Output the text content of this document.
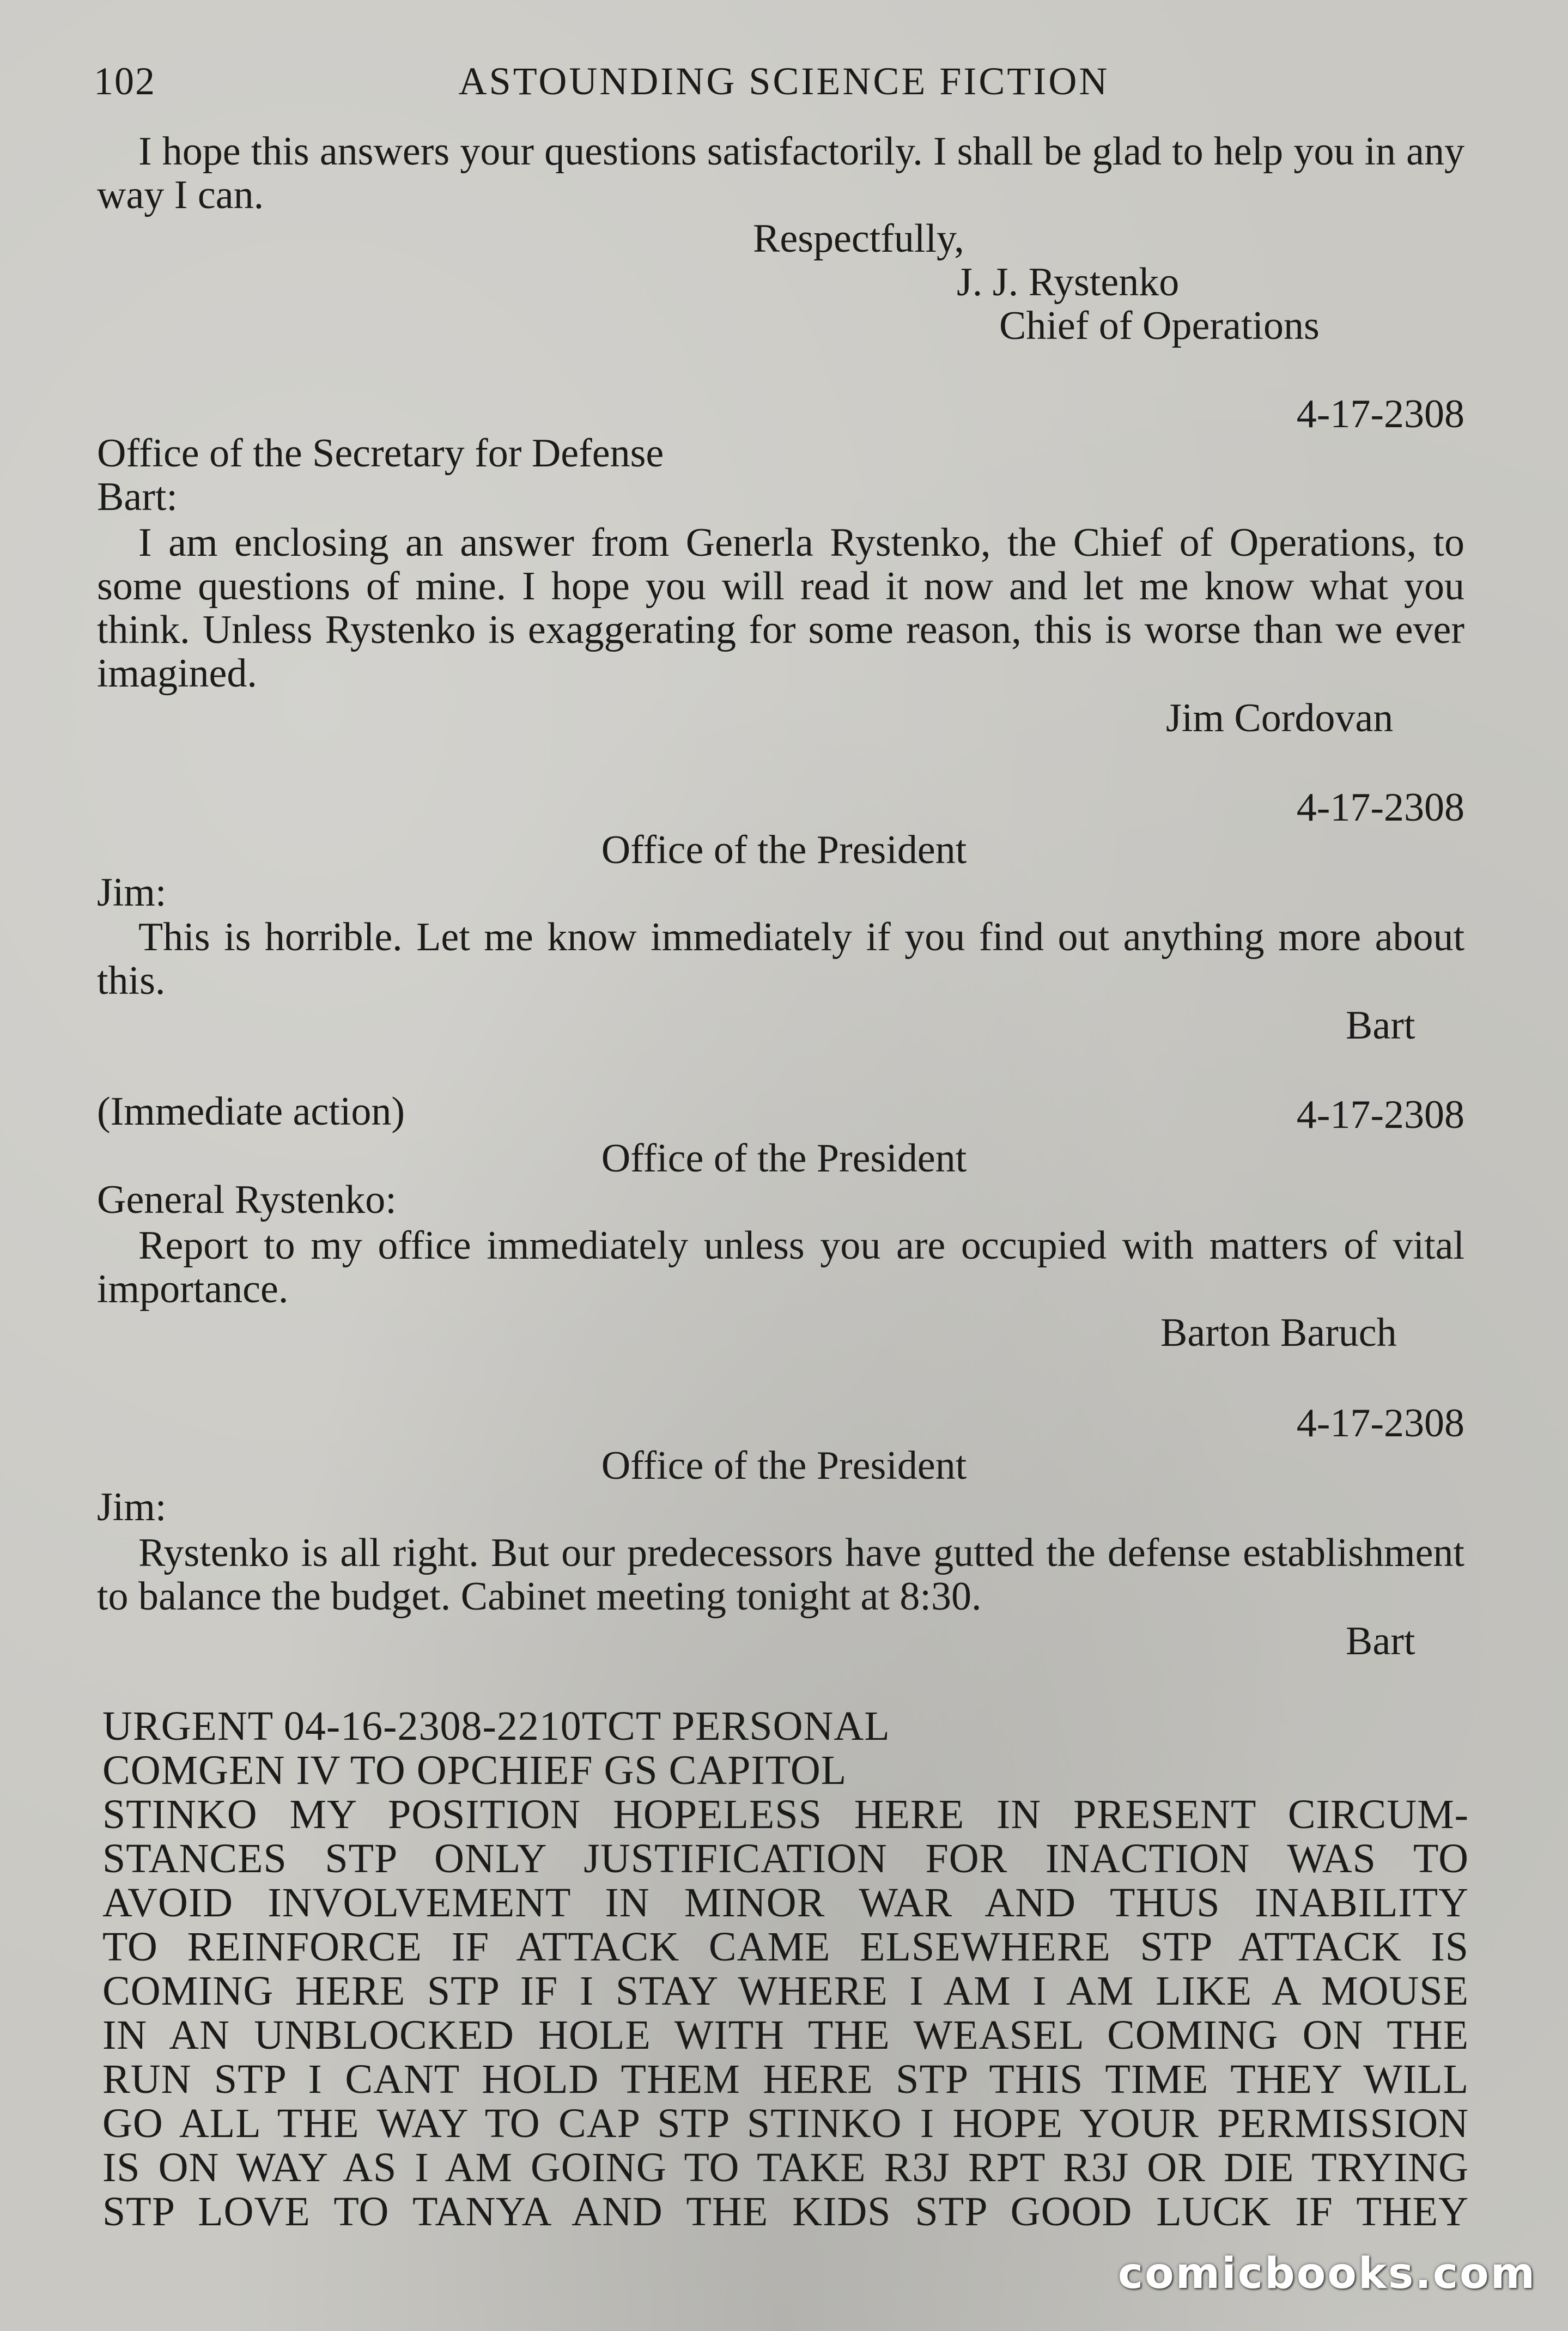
102	ASTOUNDING SCIENCE FICTION
I hope this answers your questions satisfactorily. I shall be glad to help you in any way I can.
Respectfully,
J. J. Rystenko
Chief of Operations
4-17-2308
Office of the Secretary for Defense
Bart:
I am enclosing an answer from Generla Rystenko, the Chief of Operations, to some questions of mine. I hope you will read it now and let me know what you think. Unless Rystenko is exaggerating for some reason, this is worse than we ever imagined.
Jim Cordovan
4-17-2308
Office of the President
Jim:
This is horrible. Let me know immediately if you find out anything more about this.
Bart
(Immediate action)	4-17-2308
Office of the President
General Rystenko:
Report to my office immediately unless you are occupied with matters of vital importance.
Barton Baruch
4-17-2308
Office of the President
Jim:
Rystenko is all right. But our predecessors have gutted the defense establishment to balance the budget. Cabinet meeting tonight at 8:30.
Bart
URGENT 04-16-2308-2210TCT PERSONAL
COMGEN IV TO OPCHIEF GS CAPITOL
STINKO MY POSITION HOPELESS HERE IN PRESENT CIRCUM-
STANCES STP ONLY JUSTIFICATION FOR INACTION WAS TO
AVOID INVOLVEMENT IN MINOR WAR AND THUS INABILITY
TO REINFORCE IF ATTACK CAME ELSEWHERE STP ATTACK IS
COMING HERE STP IF I STAY WHERE I AM I AM LIKE A MOUSE
IN AN UNBLOCKED HOLE WITH THE WEASEL COMING ON THE
RUN STP I CANT HOLD THEM HERE STP THIS TIME THEY WILL
GO ALL THE WAY TO CAP STP STINKO I HOPE YOUR PERMISSION
IS ON WAY AS I AM GOING TO TAKE R3J RPT R3J OR DIE TRYING
STP LOVE TO TANYA AND THE KIDS STP GOOD LUCK IF THEY
comicbooks.com
